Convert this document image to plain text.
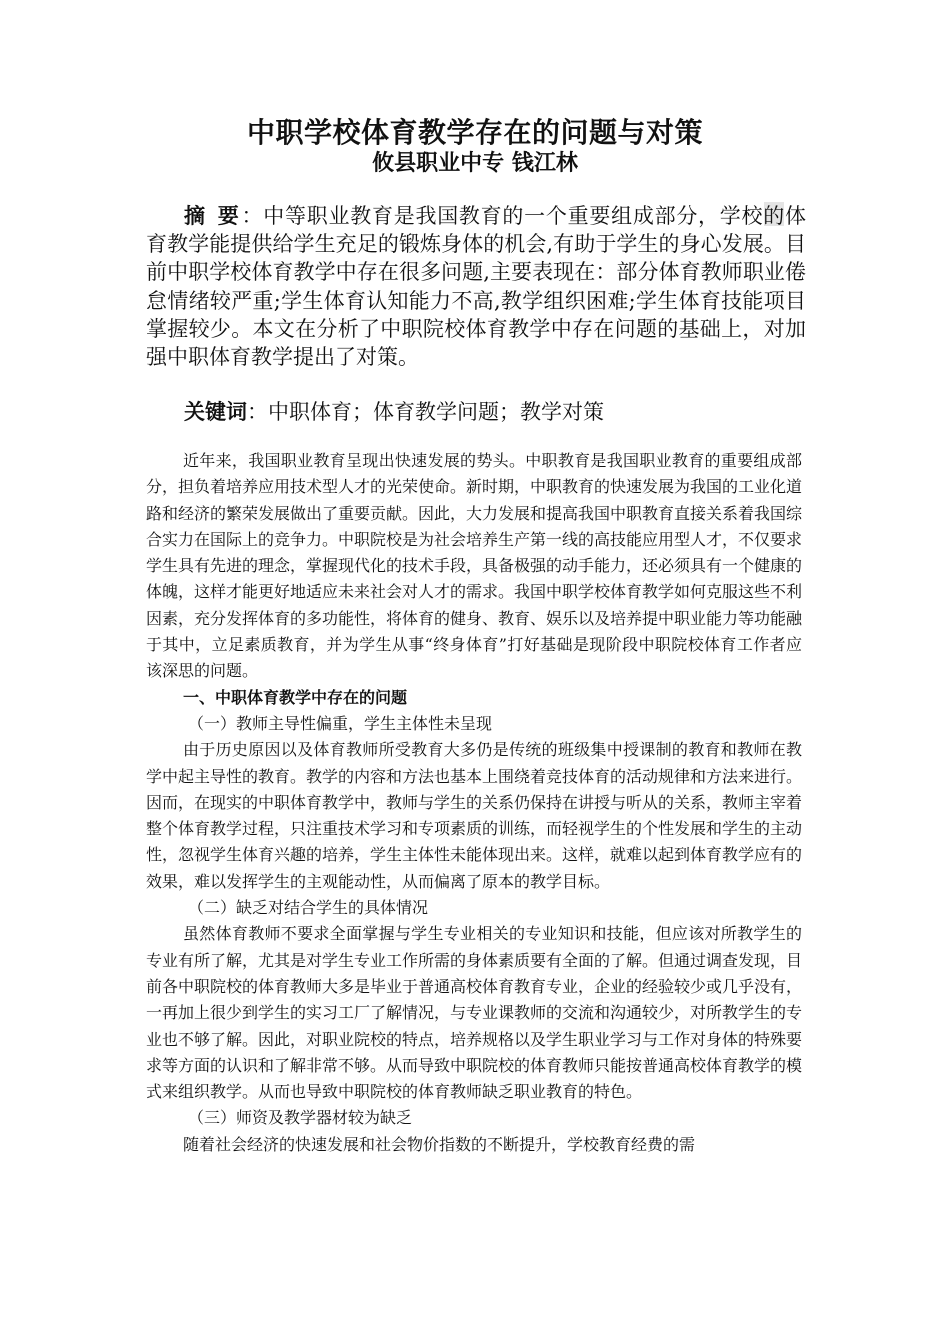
中职学校体育教学存在的问题与对策
攸县职业中专 钱江林
摘 要：中等职业教育是我国教育的一个重要组成部分，学校的体育教学能提供给学生充足的锻炼身体的机会,有助于学生的身心发展。目前中职学校体育教学中存在很多问题,主要表现在：部分体育教师职业倦怠情绪较严重;学生体育认知能力不高,教学组织困难;学生体育技能项目掌握较少。本文在分析了中职院校体育教学中存在问题的基础上，对加强中职体育教学提出了对策。
关键词：中职体育；体育教学问题；教学对策

近年来，我国职业教育呈现出快速发展的势头。中职教育是我国职业教育的重要组成部分，担负着培养应用技术型人才的光荣使命。新时期，中职教育的快速发展为我国的工业化道路和经济的繁荣发展做出了重要贡献。因此，大力发展和提高我国中职教育直接关系着我国综合实力在国际上的竞争力。中职院校是为社会培养生产第一线的高技能应用型人才，不仅要求学生具有先进的理念，掌握现代化的技术手段，具备极强的动手能力，还必须具有一个健康的体魄，这样才能更好地适应未来社会对人才的需求。我国中职学校体育教学如何克服这些不利因素，充分发挥体育的多功能性，将体育的健身、教育、娱乐以及培养提中职业能力等功能融于其中，立足素质教育，并为学生从事“终身体育”打好基础是现阶段中职院校体育工作者应该深思的问题。

一、中职体育教学中存在的问题

（一）教师主导性偏重，学生主体性未呈现

由于历史原因以及体育教师所受教育大多仍是传统的班级集中授课制的教育和教师在教学中起主导性的教育。教学的内容和方法也基本上围绕着竞技体育的活动规律和方法来进行。因而，在现实的中职体育教学中，教师与学生的关系仍保持在讲授与听从的关系，教师主宰着整个体育教学过程，只注重技术学习和专项素质的训练，而轻视学生的个性发展和学生的主动性，忽视学生体育兴趣的培养，学生主体性未能体现出来。这样，就难以起到体育教学应有的效果，难以发挥学生的主观能动性，从而偏离了原本的教学目标。

（二）缺乏对结合学生的具体情况

虽然体育教师不要求全面掌握与学生专业相关的专业知识和技能，但应该对所教学生的专业有所了解，尤其是对学生专业工作所需的身体素质要有全面的了解。但通过调查发现，目前各中职院校的体育教师大多是毕业于普通高校体育教育专业，企业的经验较少或几乎没有，一再加上很少到学生的实习工厂了解情况，与专业课教师的交流和沟通较少，对所教学生的专业也不够了解。因此，对职业院校的特点，培养规格以及学生职业学习与工作对身体的特殊要求等方面的认识和了解非常不够。从而导致中职院校的体育教师只能按普通高校体育教学的模式来组织教学。从而也导致中职院校的体育教师缺乏职业教育的特色。

（三）师资及教学器材较为缺乏

随着社会经济的快速发展和社会物价指数的不断提升，学校教育经费的需
